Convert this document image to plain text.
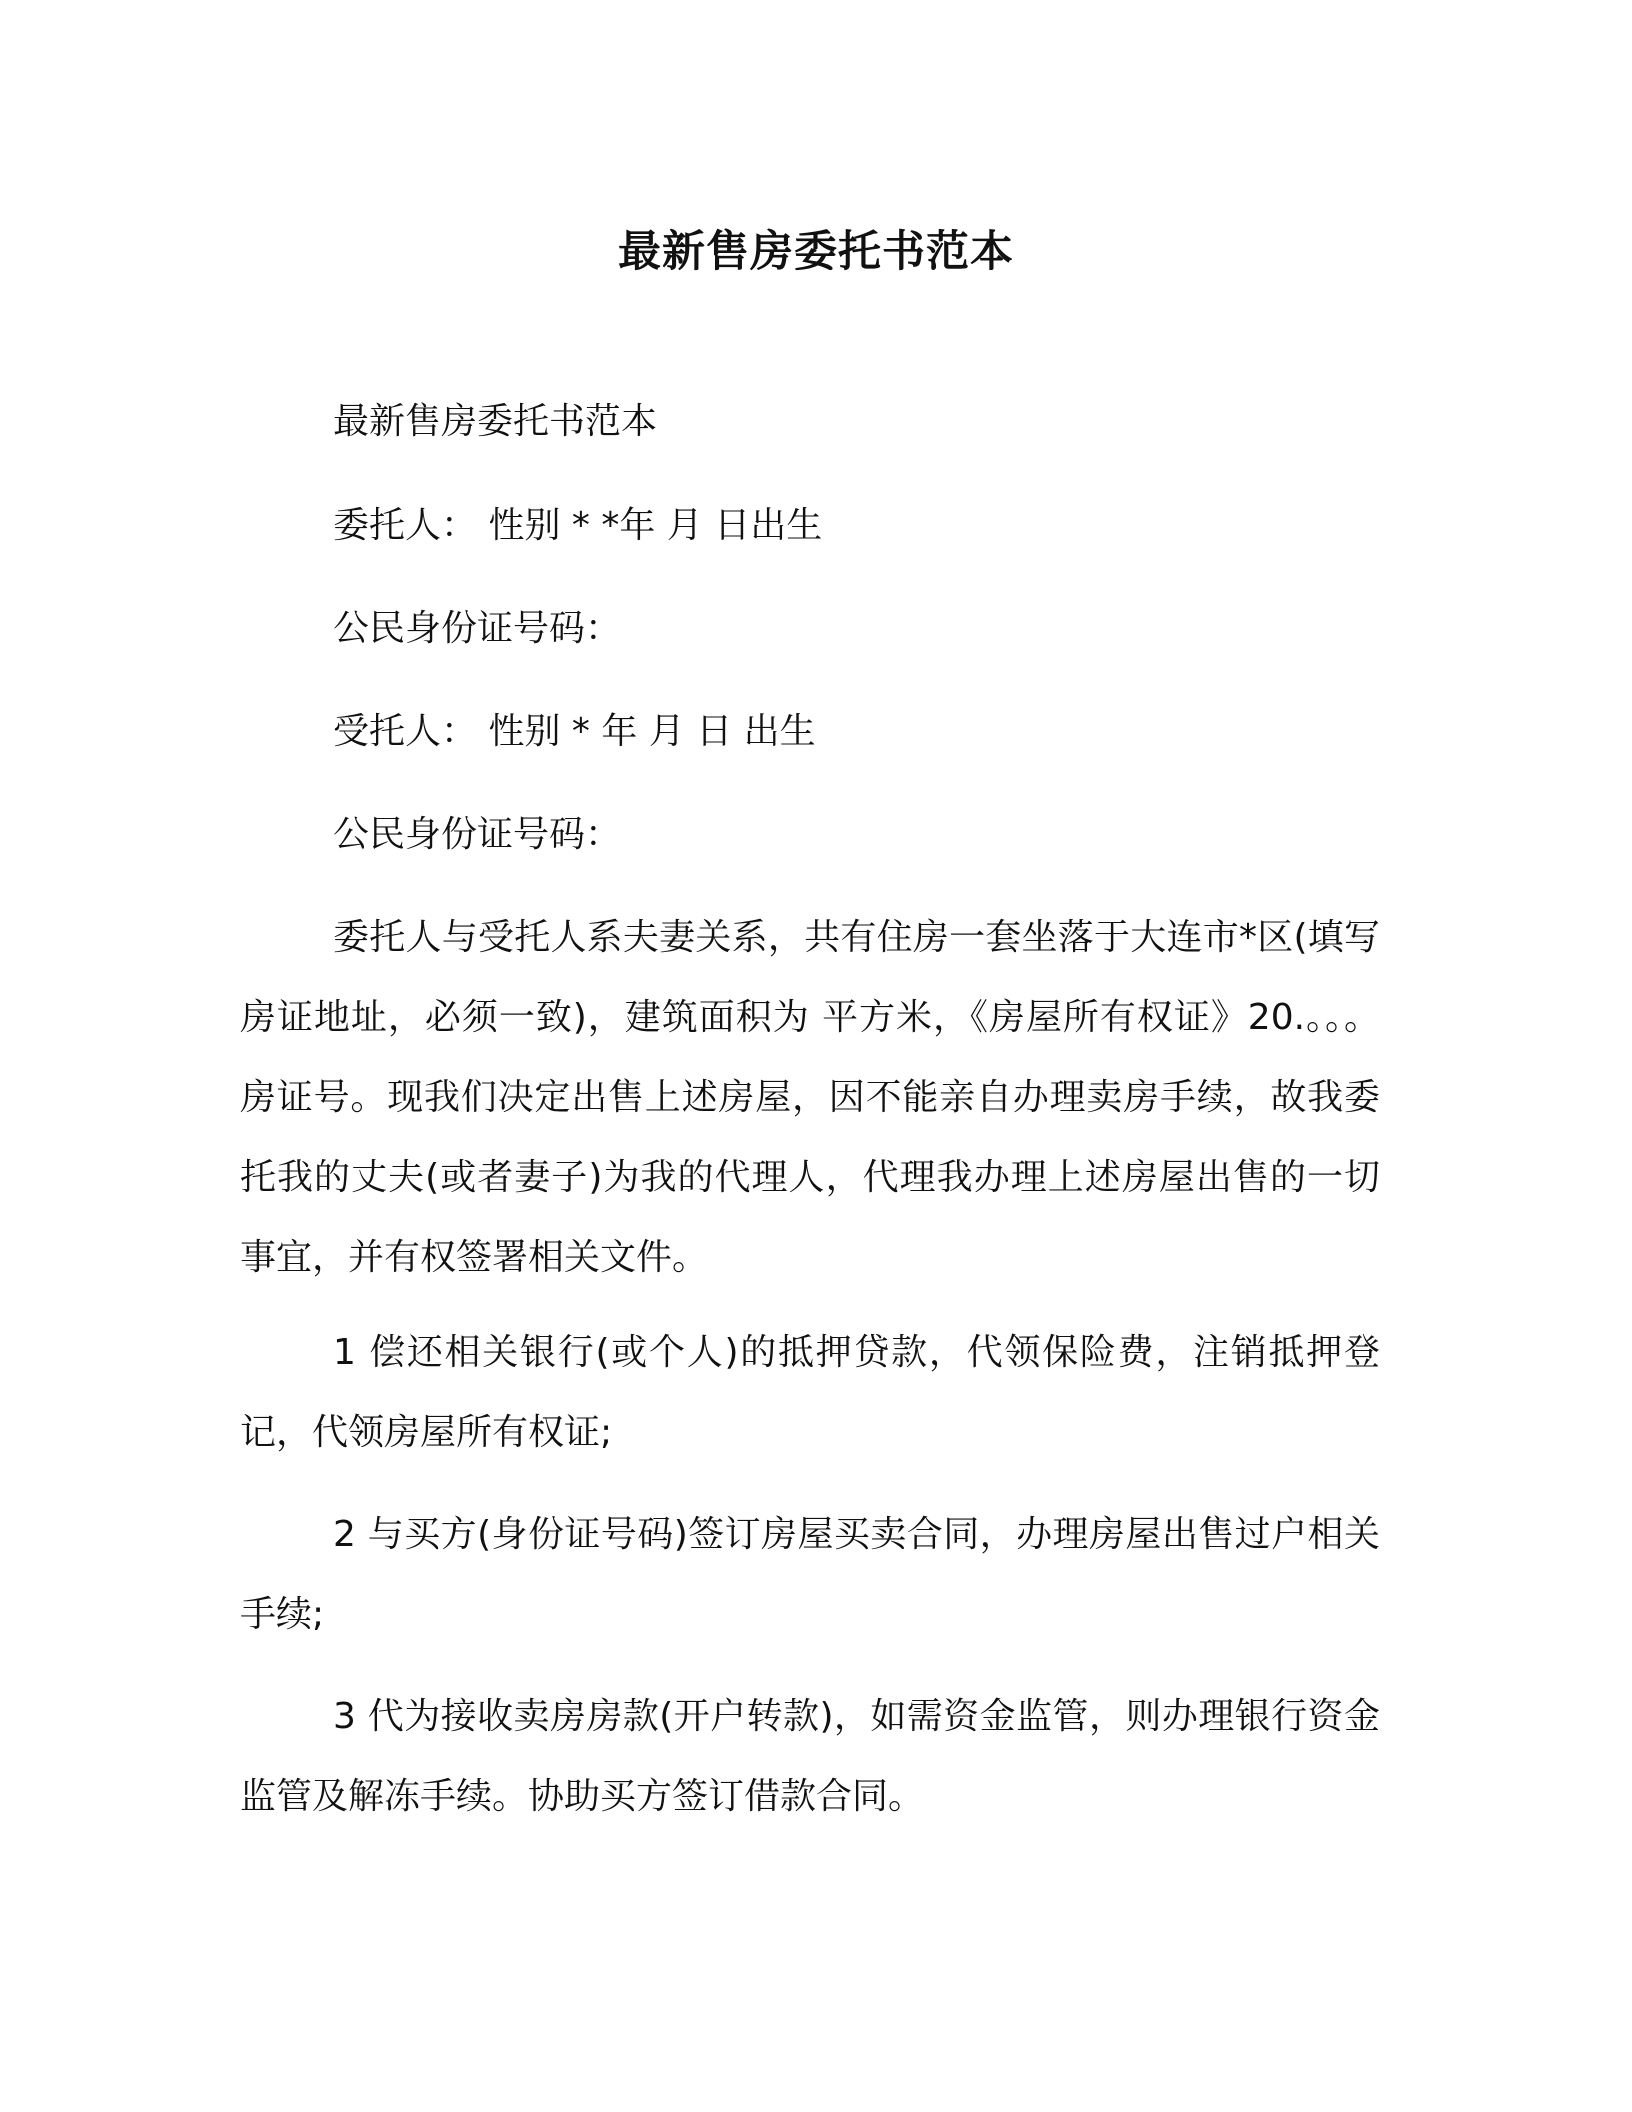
最新售房委托书范本
最新售房委托书范本
委托人： 性别 * *年 月 日出生
公民身份证号码：
受托人： 性别 * 年 月 日 出生
公民身份证号码：
委托人与受托人系夫妻关系，共有住房一套坐落于大连市*区(填写房证地址，必须一致)，建筑面积为 平方米，《房屋所有权证》20.。。。房证号。现我们决定出售上述房屋，因不能亲自办理卖房手续，故我委托我的丈夫(或者妻子)为我的代理人，代理我办理上述房屋出售的一切事宜，并有权签署相关文件。
1 偿还相关银行(或个人)的抵押贷款，代领保险费，注销抵押登记，代领房屋所有权证;
2 与买方(身份证号码)签订房屋买卖合同，办理房屋出售过户相关手续;
3 代为接收卖房房款(开户转款)，如需资金监管，则办理银行资金监管及解冻手续。协助买方签订借款合同。
